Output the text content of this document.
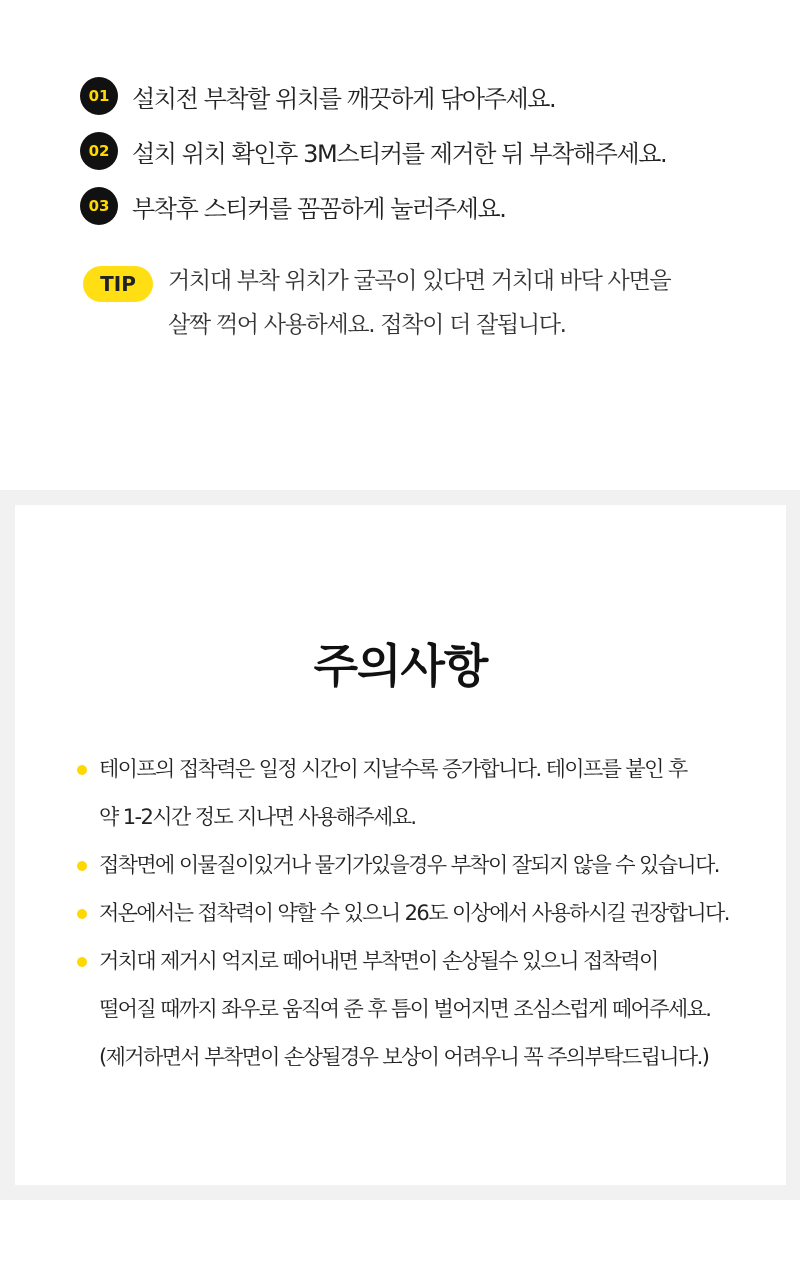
01 설치전 부착할 위치를 깨끗하게 닦아주세요.
02 설치 위치 확인후 3M스티커를 제거한 뒤 부착해주세요.
03 부착후 스티커를 꼼꼼하게 눌러주세요.
TIP	거치대 부착 위치가 굴곡이 있다면 거치대 바닥 사면을
살짝 꺽어 사용하세요. 접착이 더 잘됩니다.
주의사항
테이프의 접착력은 일정 시간이 지날수록 증가합니다. 테이프를 붙인 후
약 1-2시간 정도 지나면 사용해주세요.
접착면에 이물질이있거나 물기가있을경우 부착이 잘되지 않을 수 있습니다.
저온에서는 접착력이 약할 수 있으니 26도 이상에서 사용하시길 권장합니다.
거치대 제거시 억지로 떼어내면 부착면이 손상될수 있으니 접착력이
떨어질 때까지 좌우로 움직여 준 후 틈이 벌어지면 조심스럽게 떼어주세요.
(제거하면서 부착면이 손상될경우 보상이 어려우니 꼭 주의부탁드립니다.)
